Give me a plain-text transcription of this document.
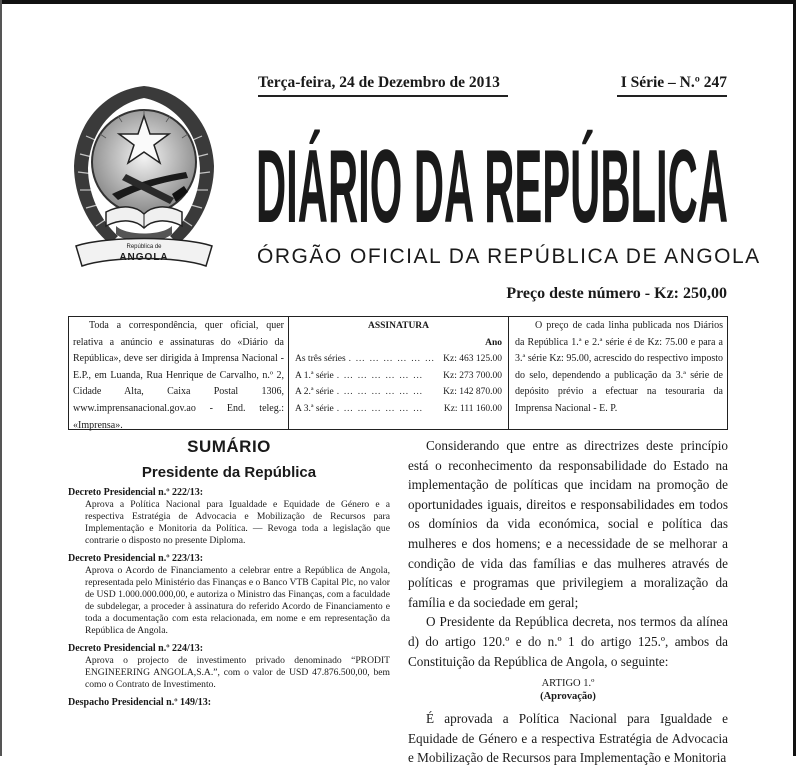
República de
ANGOLA
Terça-feira, 24 de Dezembro de 2013	I Série – N.º 247
DIÁRIO DA REPÚBLICA
ÓRGÃO OFICIAL DA REPÚBLICA DE ANGOLA
Preço deste número - Kz: 250,00
Toda a correspondência, quer oficial, quer relativa a anúncio e assinaturas do «Diário da República», deve ser dirigida à Imprensa Nacional - E.P., em Luanda, Rua Henrique de Carvalho, n.º 2, Cidade Alta, Caixa Postal 1306, www.imprensanacional.gov.ao - End. teleg.: «Imprensa».
ASSINATURA
Ano
As três séries . … … … … … … Kz: 463 125.00
A 1.ª série . … … … … … …	Kz: 273 700.00
A 2.ª série . … … … … … …	Kz: 142 870.00
A 3.ª série . … … … … … …	Kz: 111 160.00
O preço de cada linha publicada nos Diários da República 1.ª e 2.ª série é de Kz: 75.00 e para a 3.ª série Kz: 95.00, acrescido do respectivo imposto do selo, dependendo a publicação da 3.ª série de depósito prévio a efectuar na tesouraria da Imprensa Nacional - E. P.
SUMÁRIO
Presidente da República
Decreto Presidencial n.º 222/13:
Aprova a Política Nacional para Igualdade e Equidade de Género e a respectiva Estratégia de Advocacia e Mobilização de Recursos para Implementação e Monitoria da Política. — Revoga toda a legislação que contrarie o disposto no presente Diploma.
Decreto Presidencial n.º 223/13:
Aprova o Acordo de Financiamento a celebrar entre a República de Angola, representada pelo Ministério das Finanças e o Banco VTB Capital Plc, no valor de USD 1.000.000.000,00, e autoriza o Ministro das Finanças, com a faculdade de subdelegar, a proceder à assinatura do referido Acordo de Financiamento e toda a documentação com esta relacionada, em nome e em representação da República de Angola.
Decreto Presidencial n.º 224/13:
Aprova o projecto de investimento privado denominado “PRODIT ENGINEERING ANGOLA,S.A.”, com o valor de USD 47.876.500,00, bem como o Contrato de Investimento.
Despacho Presidencial n.º 149/13:

Considerando que entre as directrizes deste princípio está o reconhecimento da responsabilidade do Estado na implementação de políticas que incidam na promoção de oportunidades iguais, direitos e responsabilidades em todos os domínios da vida económica, social e política das mulheres e dos homens; e a necessidade de se melhorar a condição de vida das famílias e das mulheres através de políticas e programas que privilegiem a moralização da família e da sociedade em geral;

O Presidente da República decreta, nos termos da alínea d) do artigo 120.º e do n.º 1 do artigo 125.º, ambos da Constituição da República de Angola, o seguinte:

ARTIGO 1.º
(Aprovação)

É aprovada a Política Nacional para Igualdade e Equidade de Género e a respectiva Estratégia de Advocacia e Mobilização de Recursos para Implementação e Monitoria
